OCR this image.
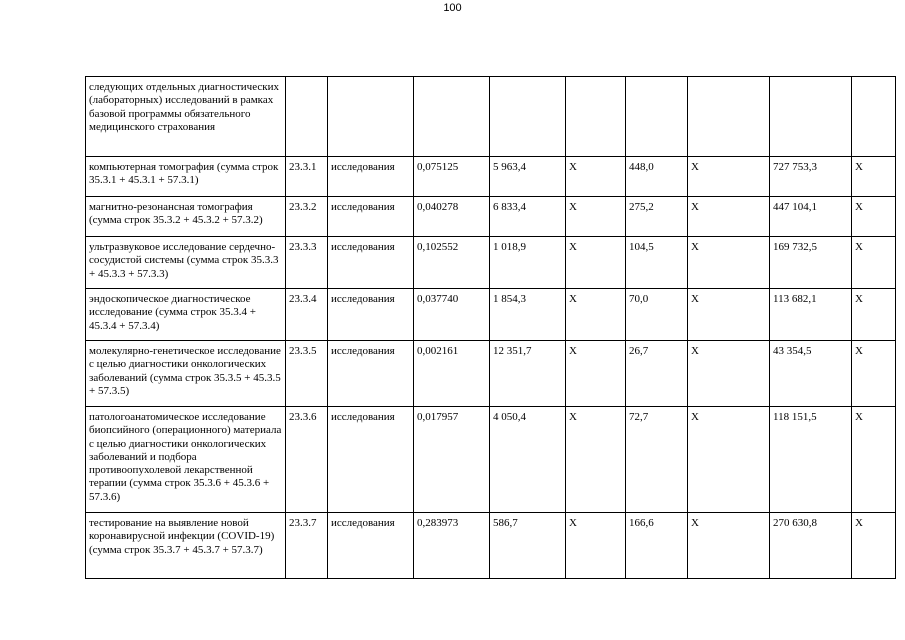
100
следующих отдельных диагностических (лабораторных) исследований в рамках базовой программы обязательного медицинского страхования									
компьютерная томография (сумма строк 35.3.1 + 45.3.1 + 57.3.1)	23.3.1	исследования	0,075125	5 963,4	X	448,0	X	727 753,3	X
магнитно-резонансная томография (сумма строк 35.3.2 + 45.3.2 + 57.3.2)	23.3.2	исследования	0,040278	6 833,4	X	275,2	X	447 104,1	X
ультразвуковое исследование сердечно-сосудистой системы (сумма строк 35.3.3 + 45.3.3 + 57.3.3)	23.3.3	исследования	0,102552	1 018,9	X	104,5	X	169 732,5	X
эндоскопическое диагностическое исследование (сумма строк 35.3.4 + 45.3.4 + 57.3.4)	23.3.4	исследования	0,037740	1 854,3	X	70,0	X	113 682,1	X
молекулярно-генетическое исследование с целью диагностики онкологических заболеваний (сумма строк 35.3.5 + 45.3.5 + 57.3.5)	23.3.5	исследования	0,002161	12 351,7	X	26,7	X	43 354,5	X
патологоанатомическое исследование биопсийного (операционного) материала с целью диагностики онкологических заболеваний и подбора противоопухолевой лекарственной терапии (сумма строк 35.3.6 + 45.3.6 + 57.3.6)	23.3.6	исследования	0,017957	4 050,4	X	72,7	X	118 151,5	X
тестирование на выявление новой коронавирусной инфекции (COVID-19) (сумма строк 35.3.7 + 45.3.7 + 57.3.7)	23.3.7	исследования	0,283973	586,7	X	166,6	X	270 630,8	X
